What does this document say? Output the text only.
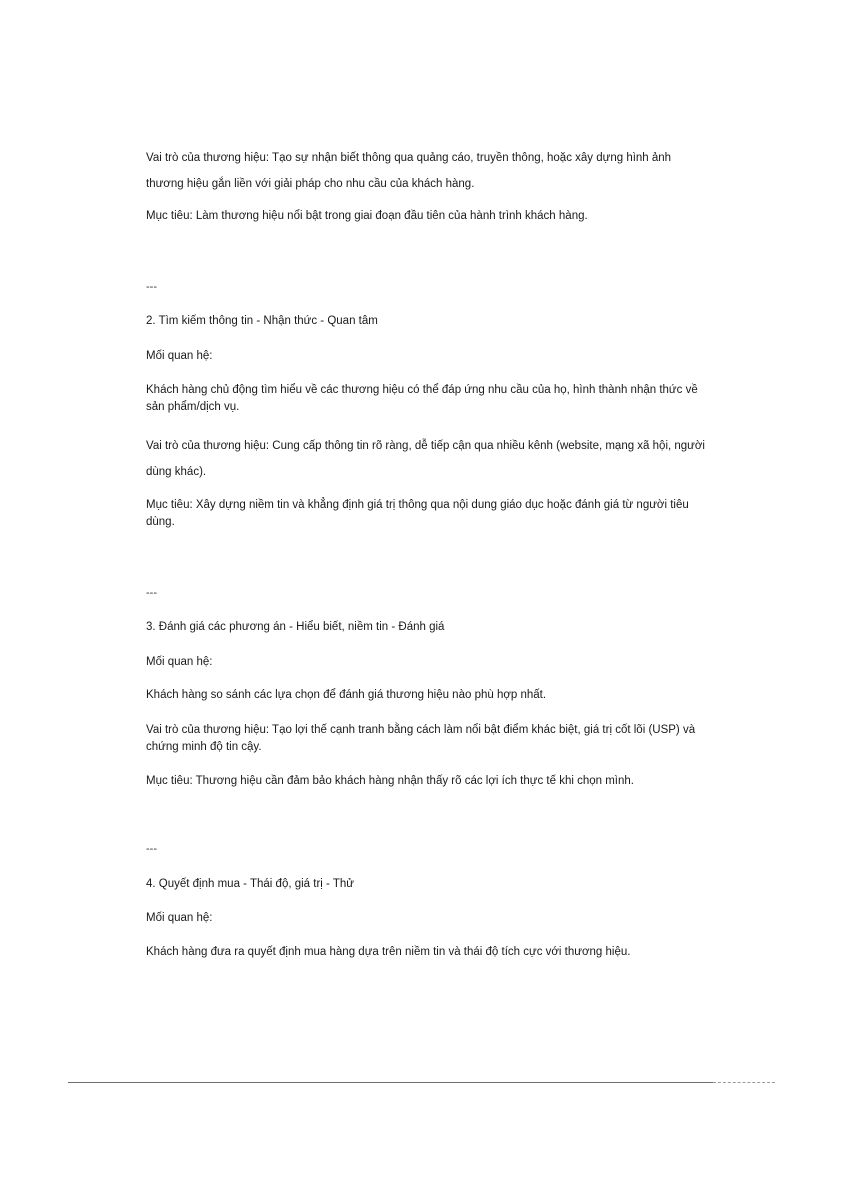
Vai trò của thương hiệu: Tạo sự nhận biết thông qua quảng cáo, truyền thông, hoặc xây dựng hình ảnh thương hiệu gắn liền với giải pháp cho nhu cầu của khách hàng.

Mục tiêu: Làm thương hiệu nổi bật trong giai đoạn đầu tiên của hành trình khách hàng.

---

2. Tìm kiếm thông tin - Nhận thức - Quan tâm

Mối quan hệ:

Khách hàng chủ động tìm hiểu về các thương hiệu có thể đáp ứng nhu cầu của họ, hình thành nhận thức về sản phẩm/dịch vụ.

Vai trò của thương hiệu: Cung cấp thông tin rõ ràng, dễ tiếp cận qua nhiều kênh (website, mạng xã hội, người dùng khác).

Mục tiêu: Xây dựng niềm tin và khẳng định giá trị thông qua nội dung giáo dục hoặc đánh giá từ người tiêu dùng.

---

3. Đánh giá các phương án - Hiểu biết, niềm tin - Đánh giá

Mối quan hệ:

Khách hàng so sánh các lựa chọn để đánh giá thương hiệu nào phù hợp nhất.

Vai trò của thương hiệu: Tạo lợi thế cạnh tranh bằng cách làm nổi bật điểm khác biệt, giá trị cốt lõi (USP) và chứng minh độ tin cậy.

Mục tiêu: Thương hiệu cần đảm bảo khách hàng nhận thấy rõ các lợi ích thực tế khi chọn mình.

---

4. Quyết định mua - Thái độ, giá trị - Thử

Mối quan hệ:

Khách hàng đưa ra quyết định mua hàng dựa trên niềm tin và thái độ tích cực với thương hiệu.
